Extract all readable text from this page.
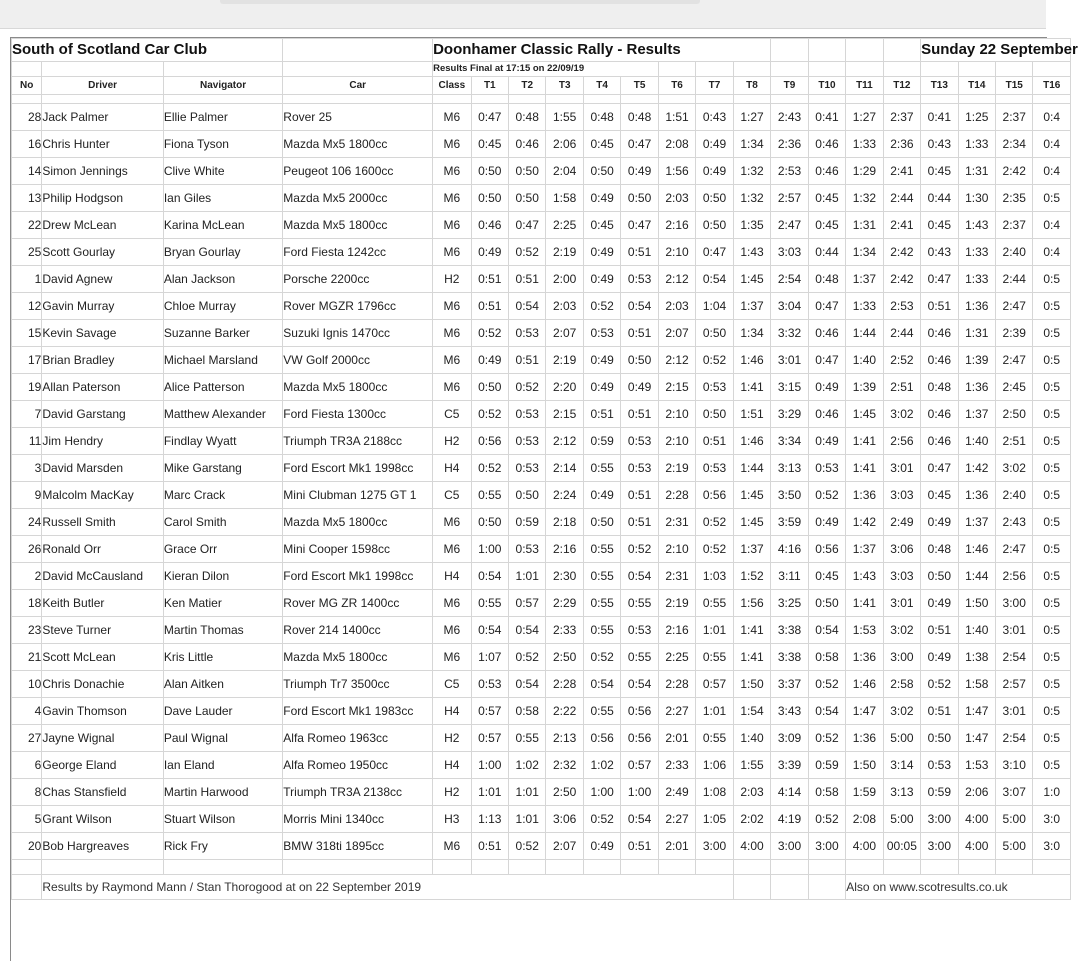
South of Scotland Car Club				Doonhamer Classic Rally - Results													Sunday 22 September			
				Results Final at 17:15 on 22/09/19																
No	Driver	Navigator	Car	Class	T1	T2	T3	T4	T5	T6	T7	T8	T9	T10	T11	T12	T13	T14	T15	T16

28	Jack Palmer	Ellie Palmer	Rover 25	M6	0:47	0:48	1:55	0:48	0:48	1:51	0:43	1:27	2:43	0:41	1:27	2:37	0:41	1:25	2:37	0:4
16	Chris Hunter	Fiona Tyson	Mazda Mx5 1800cc	M6	0:45	0:46	2:06	0:45	0:47	2:08	0:49	1:34	2:36	0:46	1:33	2:36	0:43	1:33	2:34	0:4
14	Simon Jennings	Clive White	Peugeot 106 1600cc	M6	0:50	0:50	2:04	0:50	0:49	1:56	0:49	1:32	2:53	0:46	1:29	2:41	0:45	1:31	2:42	0:4
13	Philip Hodgson	Ian Giles	Mazda Mx5 2000cc	M6	0:50	0:50	1:58	0:49	0:50	2:03	0:50	1:32	2:57	0:45	1:32	2:44	0:44	1:30	2:35	0:5
22	Drew McLean	Karina McLean	Mazda Mx5 1800cc	M6	0:46	0:47	2:25	0:45	0:47	2:16	0:50	1:35	2:47	0:45	1:31	2:41	0:45	1:43	2:37	0:4
25	Scott Gourlay	Bryan Gourlay	Ford Fiesta 1242cc	M6	0:49	0:52	2:19	0:49	0:51	2:10	0:47	1:43	3:03	0:44	1:34	2:42	0:43	1:33	2:40	0:4
1	David Agnew	Alan Jackson	Porsche 2200cc	H2	0:51	0:51	2:00	0:49	0:53	2:12	0:54	1:45	2:54	0:48	1:37	2:42	0:47	1:33	2:44	0:5
12	Gavin Murray	Chloe Murray	Rover MGZR 1796cc	M6	0:51	0:54	2:03	0:52	0:54	2:03	1:04	1:37	3:04	0:47	1:33	2:53	0:51	1:36	2:47	0:5
15	Kevin Savage	Suzanne Barker	Suzuki Ignis 1470cc	M6	0:52	0:53	2:07	0:53	0:51	2:07	0:50	1:34	3:32	0:46	1:44	2:44	0:46	1:31	2:39	0:5
17	Brian Bradley	Michael Marsland	VW Golf 2000cc	M6	0:49	0:51	2:19	0:49	0:50	2:12	0:52	1:46	3:01	0:47	1:40	2:52	0:46	1:39	2:47	0:5
19	Allan Paterson	Alice Patterson	Mazda Mx5 1800cc	M6	0:50	0:52	2:20	0:49	0:49	2:15	0:53	1:41	3:15	0:49	1:39	2:51	0:48	1:36	2:45	0:5
7	David Garstang	Matthew Alexander	Ford Fiesta 1300cc	C5	0:52	0:53	2:15	0:51	0:51	2:10	0:50	1:51	3:29	0:46	1:45	3:02	0:46	1:37	2:50	0:5
11	Jim Hendry	Findlay Wyatt	Triumph TR3A 2188cc	H2	0:56	0:53	2:12	0:59	0:53	2:10	0:51	1:46	3:34	0:49	1:41	2:56	0:46	1:40	2:51	0:5
3	David Marsden	Mike Garstang	Ford Escort Mk1 1998cc	H4	0:52	0:53	2:14	0:55	0:53	2:19	0:53	1:44	3:13	0:53	1:41	3:01	0:47	1:42	3:02	0:5
9	Malcolm MacKay	Marc Crack	Mini Clubman 1275 GT 1	C5	0:55	0:50	2:24	0:49	0:51	2:28	0:56	1:45	3:50	0:52	1:36	3:03	0:45	1:36	2:40	0:5
24	Russell Smith	Carol Smith	Mazda Mx5 1800cc	M6	0:50	0:59	2:18	0:50	0:51	2:31	0:52	1:45	3:59	0:49	1:42	2:49	0:49	1:37	2:43	0:5
26	Ronald Orr	Grace Orr	Mini Cooper 1598cc	M6	1:00	0:53	2:16	0:55	0:52	2:10	0:52	1:37	4:16	0:56	1:37	3:06	0:48	1:46	2:47	0:5
2	David McCausland	Kieran Dilon	Ford Escort Mk1 1998cc	H4	0:54	1:01	2:30	0:55	0:54	2:31	1:03	1:52	3:11	0:45	1:43	3:03	0:50	1:44	2:56	0:5
18	Keith Butler	Ken Matier	Rover MG ZR 1400cc	M6	0:55	0:57	2:29	0:55	0:55	2:19	0:55	1:56	3:25	0:50	1:41	3:01	0:49	1:50	3:00	0:5
23	Steve Turner	Martin Thomas	Rover 214 1400cc	M6	0:54	0:54	2:33	0:55	0:53	2:16	1:01	1:41	3:38	0:54	1:53	3:02	0:51	1:40	3:01	0:5
21	Scott McLean	Kris Little	Mazda Mx5 1800cc	M6	1:07	0:52	2:50	0:52	0:55	2:25	0:55	1:41	3:38	0:58	1:36	3:00	0:49	1:38	2:54	0:5
10	Chris Donachie	Alan Aitken	Triumph Tr7 3500cc	C5	0:53	0:54	2:28	0:54	0:54	2:28	0:57	1:50	3:37	0:52	1:46	2:58	0:52	1:58	2:57	0:5
4	Gavin Thomson	Dave Lauder	Ford Escort Mk1 1983cc	H4	0:57	0:58	2:22	0:55	0:56	2:27	1:01	1:54	3:43	0:54	1:47	3:02	0:51	1:47	3:01	0:5
27	Jayne Wignal	Paul Wignal	Alfa Romeo 1963cc	H2	0:57	0:55	2:13	0:56	0:56	2:01	0:55	1:40	3:09	0:52	1:36	5:00	0:50	1:47	2:54	0:5
6	George Eland	Ian Eland	Alfa Romeo 1950cc	H4	1:00	1:02	2:32	1:02	0:57	2:33	1:06	1:55	3:39	0:59	1:50	3:14	0:53	1:53	3:10	0:5
8	Chas Stansfield	Martin Harwood	Triumph TR3A 2138cc	H2	1:01	1:01	2:50	1:00	1:00	2:49	1:08	2:03	4:14	0:58	1:59	3:13	0:59	2:06	3:07	1:0
5	Grant Wilson	Stuart Wilson	Morris Mini 1340cc	H3	1:13	1:01	3:06	0:52	0:54	2:27	1:05	2:02	4:19	0:52	2:08	5:00	3:00	4:00	5:00	3:0
20	Bob Hargreaves	Rick Fry	BMW 318ti 1895cc	M6	0:51	0:52	2:07	0:49	0:51	2:01	3:00	4:00	3:00	3:00	4:00	00:05	3:00	4:00	5:00	3:0

	Results by Raymond Mann / Stan Thorogood at on 22 September 2019														Also on www.scotresults.co.uk					
